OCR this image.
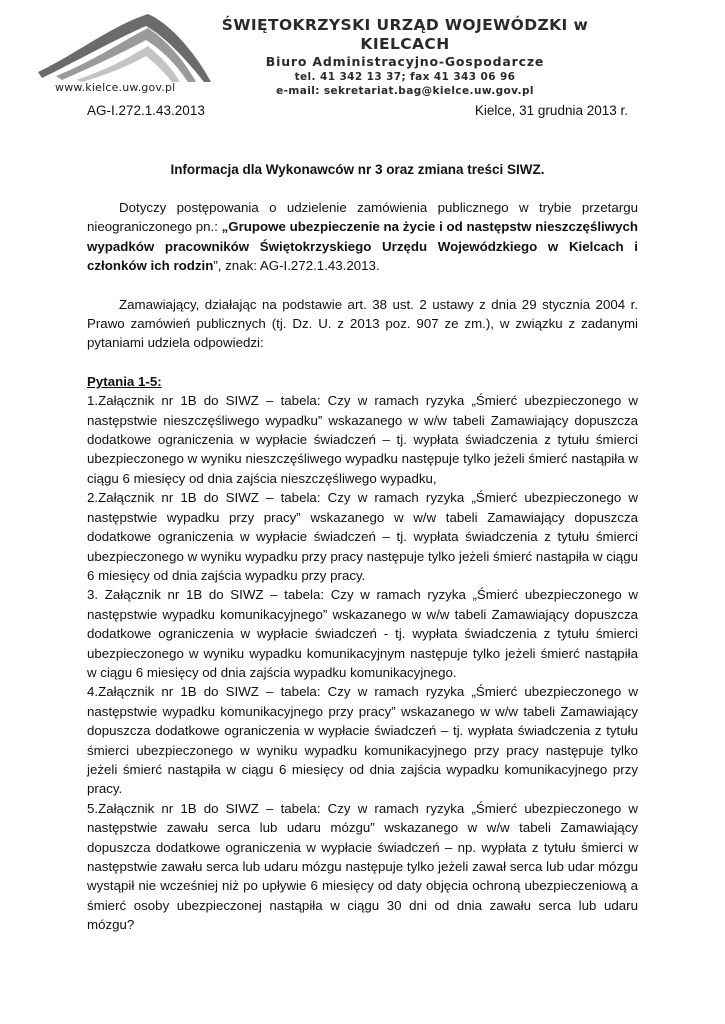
www.kielce.uw.gov.pl
ŚWIĘTOKRZYSKI URZĄD WOJEWÓDZKI w KIELCACH
Biuro Administracyjno-Gospodarcze
tel. 41 342 13 37; fax 41 343 06 96
e-mail: sekretariat.bag@kielce.uw.gov.pl
AG-I.272.1.43.2013	Kielce, 31 grudnia 2013 r.
Informacja dla Wykonawców nr 3 oraz zmiana treści SIWZ.

Dotyczy postępowania o udzielenie zamówienia publicznego w trybie przetargu nieograniczonego pn.: „Grupowe ubezpieczenie na życie i od następstw nieszczęśliwych wypadków pracowników Świętokrzyskiego Urzędu Wojewódzkiego w Kielcach i członków ich rodzin”, znak: AG-I.272.1.43.2013.

Zamawiający, działając na podstawie art. 38 ust. 2 ustawy z dnia 29 stycznia 2004 r. Prawo zamówień publicznych (tj. Dz. U. z 2013 poz. 907 ze zm.), w związku z zadanymi pytaniami udziela odpowiedzi:

Pytania 1-5:

1.Załącznik nr 1B do SIWZ – tabela: Czy w ramach ryzyka „Śmierć ubezpieczonego w następstwie nieszczęśliwego wypadku” wskazanego w w/w tabeli Zamawiający dopuszcza dodatkowe ograniczenia w wypłacie świadczeń – tj. wypłata świadczenia z tytułu śmierci ubezpieczonego w wyniku nieszczęśliwego wypadku następuje tylko jeżeli śmierć nastąpiła w ciągu 6 miesięcy od dnia zajścia nieszczęśliwego wypadku,

2.Załącznik nr 1B do SIWZ – tabela: Czy w ramach ryzyka „Śmierć ubezpieczonego w następstwie wypadku przy pracy” wskazanego w w/w tabeli Zamawiający dopuszcza dodatkowe ograniczenia w wypłacie świadczeń – tj. wypłata świadczenia z tytułu śmierci ubezpieczonego w wyniku wypadku przy pracy następuje tylko jeżeli śmierć nastąpiła w ciągu 6 miesięcy od dnia zajścia wypadku przy pracy.

3. Załącznik nr 1B do SIWZ – tabela: Czy w ramach ryzyka „Śmierć ubezpieczonego w następstwie wypadku komunikacyjnego” wskazanego w w/w tabeli Zamawiający dopuszcza dodatkowe ograniczenia w wypłacie świadczeń - tj. wypłata świadczenia z tytułu śmierci ubezpieczonego w wyniku wypadku komunikacyjnym następuje tylko jeżeli śmierć nastąpiła w ciągu 6 miesięcy od dnia zajścia wypadku komunikacyjnego.

4.Załącznik nr 1B do SIWZ – tabela: Czy w ramach ryzyka „Śmierć ubezpieczonego w następstwie wypadku komunikacyjnego przy pracy” wskazanego w w/w tabeli Zamawiający dopuszcza dodatkowe ograniczenia w wypłacie świadczeń – tj. wypłata świadczenia z tytułu śmierci ubezpieczonego w wyniku wypadku komunikacyjnego przy pracy następuje tylko jeżeli śmierć nastąpiła w ciągu 6 miesięcy od dnia zajścia wypadku komunikacyjnego przy pracy.

5.Załącznik nr 1B do SIWZ – tabela: Czy w ramach ryzyka „Śmierć ubezpieczonego w następstwie zawału serca lub udaru mózgu” wskazanego w w/w tabeli Zamawiający dopuszcza dodatkowe ograniczenia w wypłacie świadczeń – np. wypłata z tytułu śmierci w następstwie zawału serca lub udaru mózgu następuje tylko jeżeli zawał serca lub udar mózgu wystąpił nie wcześniej niż po upływie 6 miesięcy od daty objęcia ochroną ubezpieczeniową a śmierć osoby ubezpieczonej nastąpiła w ciągu 30 dni od dnia zawału serca lub udaru mózgu?
